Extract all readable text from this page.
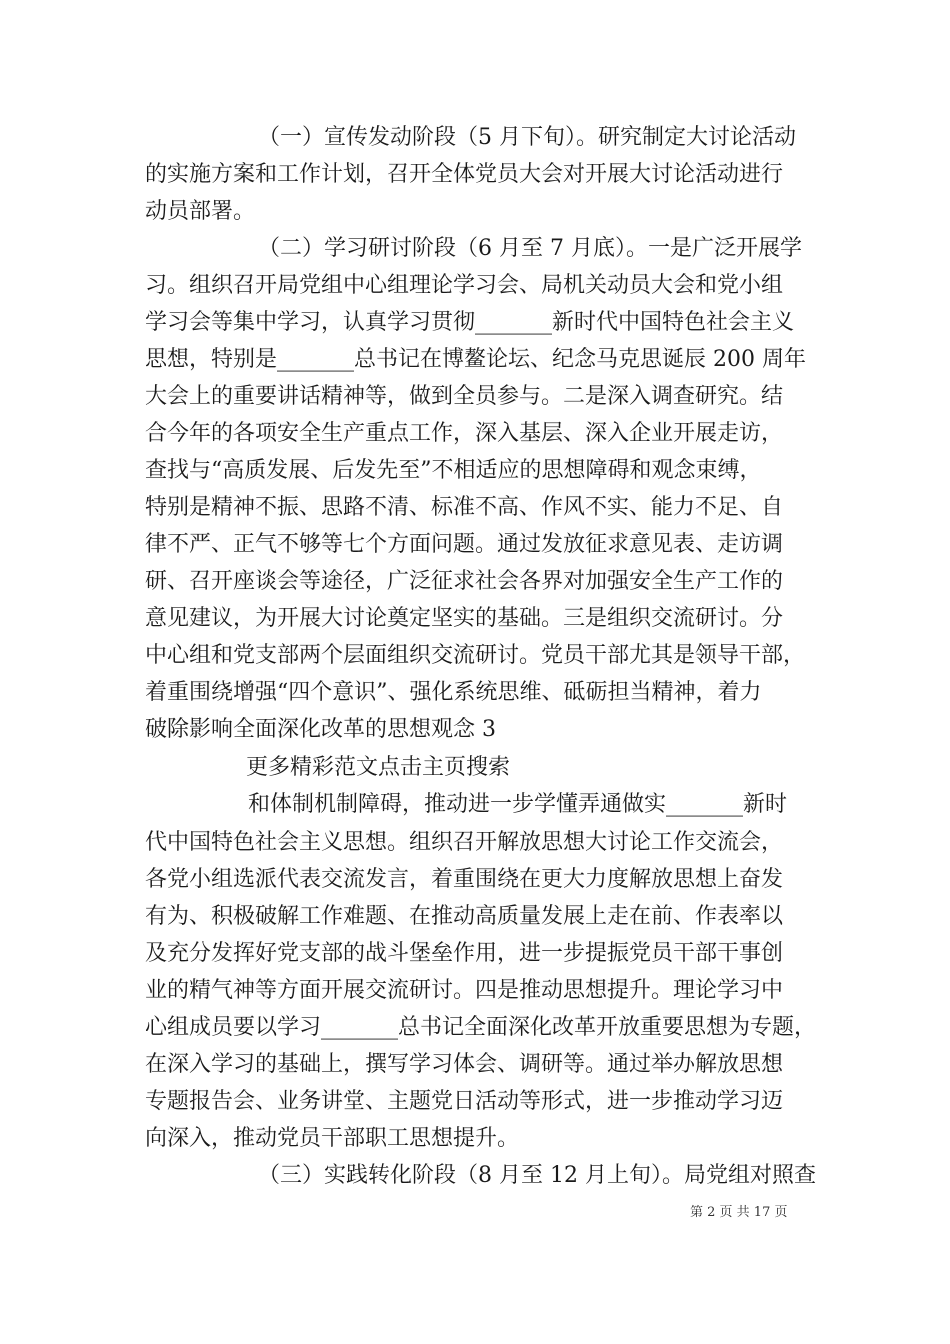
（一）宣传发动阶段（5 月下旬）。研究制定大讨论活动
的实施方案和工作计划，召开全体党员大会对开展大讨论活动进行
动员部署。
（二）学习研讨阶段（6 月至 7 月底）。一是广泛开展学
习。组织召开局党组中心组理论学习会、局机关动员大会和党小组
学习会等集中学习，认真学习贯彻_______新时代中国特色社会主义
思想，特别是_______总书记在博鳌论坛、纪念马克思诞辰 200 周年
大会上的重要讲话精神等，做到全员参与。二是深入调查研究。结
合今年的各项安全生产重点工作，深入基层、深入企业开展走访，
查找与“高质发展、后发先至”不相适应的思想障碍和观念束缚，
特别是精神不振、思路不清、标准不高、作风不实、能力不足、自
律不严、正气不够等七个方面问题。通过发放征求意见表、走访调
研、召开座谈会等途径，广泛征求社会各界对加强安全生产工作的
意见建议，为开展大讨论奠定坚实的基础。三是组织交流研讨。分
中心组和党支部两个层面组织交流研讨。党员干部尤其是领导干部，
着重围绕增强“四个意识”、强化系统思维、砥砺担当精神，着力
破除影响全面深化改革的思想观念 3
更多精彩范文点击主页搜索
和体制机制障碍，推动进一步学懂弄通做实_______新时
代中国特色社会主义思想。组织召开解放思想大讨论工作交流会，
各党小组选派代表交流发言，着重围绕在更大力度解放思想上奋发
有为、积极破解工作难题、在推动高质量发展上走在前、作表率以
及充分发挥好党支部的战斗堡垒作用，进一步提振党员干部干事创
业的精气神等方面开展交流研讨。四是推动思想提升。理论学习中
心组成员要以学习_______总书记全面深化改革开放重要思想为专题，
在深入学习的基础上，撰写学习体会、调研等。通过举办解放思想
专题报告会、业务讲堂、主题党日活动等形式，进一步推动学习迈
向深入，推动党员干部职工思想提升。
（三）实践转化阶段（8 月至 12 月上旬）。局党组对照查
第 2 页 共 17 页
